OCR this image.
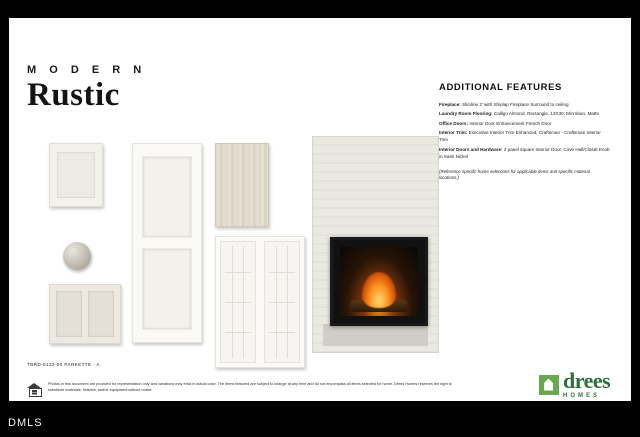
M O D E R N
Rustic	ADDITIONAL FEATURES
Fireplace: Slimline 2' with Shiplap Fireplace Surround to ceiling
Laundry Room Flooring: Calligo Almond, Rectangle, 13X30, Microban, Matte
Office Doors: Interior Door Enhancement French Door
Interior Trim: Executive Interior Trim Enhanced, Craftsman - Craftsman Interior Trim
Interior Doors and Hardware: 2 panel square Interior Door, Cove Hall/Closet Knob in Satin Nickel
(Reference specific home selections for applicable items and specific material locations.)
TBRD-0132-00 PARKETTE - A
Photos in this document are provided for representation only and variations may exist in actual color. The items featured are subject to change at any time and do not encompass all items selected for home. Drees Homes reserves the right to substitute materials, finishes, and/or equipment without notice.	drees
HOMES
DMLS
